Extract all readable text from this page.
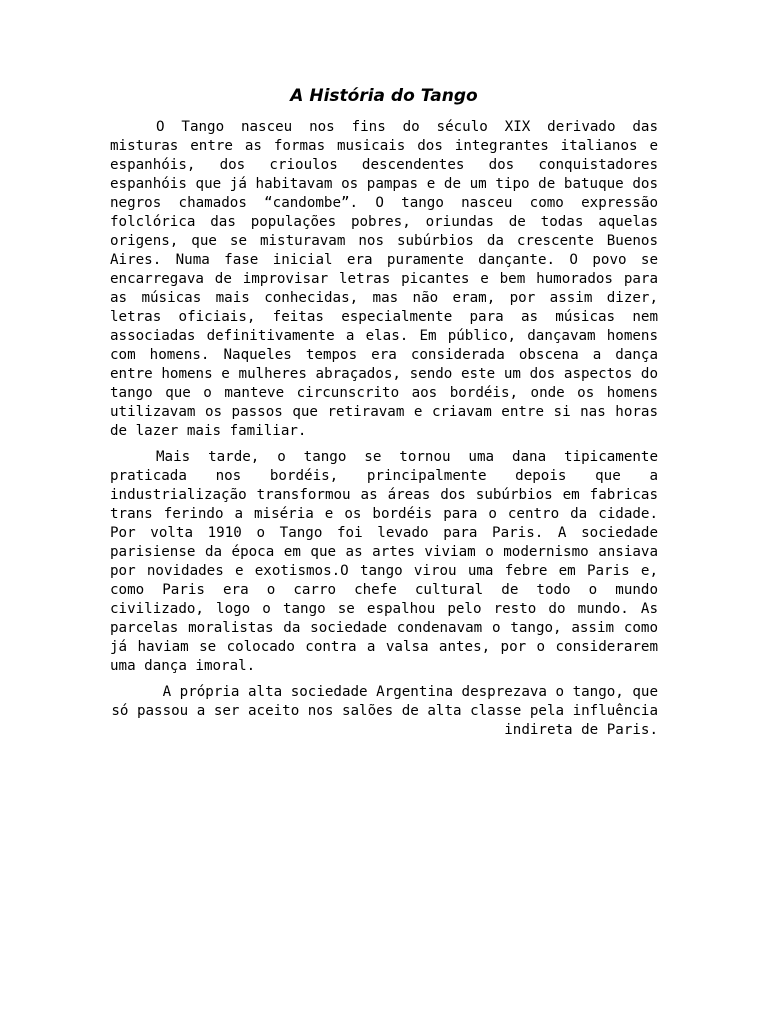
A História do Tango

O Tango nasceu nos fins do século XIX derivado das misturas entre as formas musicais dos integrantes italianos e espanhóis, dos crioulos descendentes dos conquistadores espanhóis que já habitavam os pampas e de um tipo de batuque dos negros chamados “candombe”. O tango nasceu como expressão folclórica das populações pobres, oriundas de todas aquelas origens, que se misturavam nos subúrbios da crescente Buenos Aires. Numa fase inicial era puramente dançante. O povo se encarregava de improvisar letras picantes e bem humorados para as músicas mais conhecidas, mas não eram, por assim dizer, letras oficiais, feitas especialmente para as músicas nem associadas definitivamente a elas. Em público, dançavam homens com homens. Naqueles tempos era considerada obscena a dança entre homens e mulheres abraçados, sendo este um dos aspectos do tango que o manteve circunscrito aos bordéis, onde os homens utilizavam os passos que retiravam e criavam entre si nas horas de lazer mais familiar.

Mais tarde, o tango se tornou uma dana tipicamente praticada nos bordéis, principalmente depois que a industrialização transformou as áreas dos subúrbios em fabricas trans ferindo a miséria e os bordéis para o centro da cidade. Por volta 1910 o Tango foi levado para Paris. A sociedade parisiense da época em que as artes viviam o modernismo ansiava por novidades e exotismos.O tango virou uma febre em Paris e, como Paris era o carro chefe cultural de todo o mundo civilizado, logo o tango se espalhou pelo resto do mundo. As parcelas moralistas da sociedade condenavam o tango, assim como já haviam se colocado contra a valsa antes, por o considerarem uma dança imoral.

A própria alta sociedade Argentina desprezava o tango, que só passou a ser aceito nos salões de alta classe pela influência indireta de Paris.
